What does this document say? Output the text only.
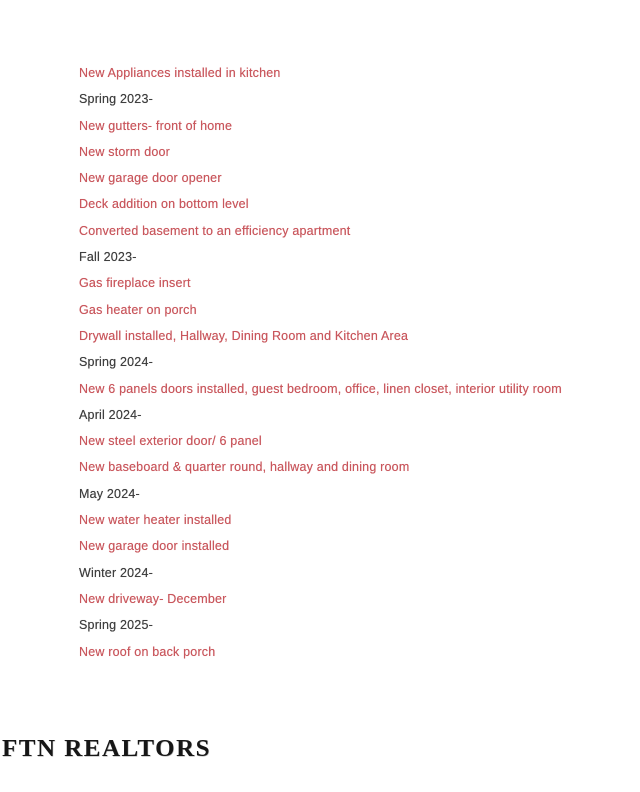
New Appliances installed in kitchen
Spring 2023-
New gutters- front of home
New storm door
New garage door opener
Deck addition on bottom level
Converted basement to an efficiency apartment
Fall 2023-
Gas fireplace insert
Gas heater on porch
Drywall installed, Hallway, Dining Room and Kitchen Area
Spring 2024-
New 6 panels doors installed, guest bedroom, office, linen closet, interior utility room
April 2024-
New steel exterior door/ 6 panel
New baseboard & quarter round, hallway and dining room
May 2024-
New water heater installed
New garage door installed
Winter 2024-
New driveway- December
Spring 2025-
New roof on back porch
FTN REALTORS
